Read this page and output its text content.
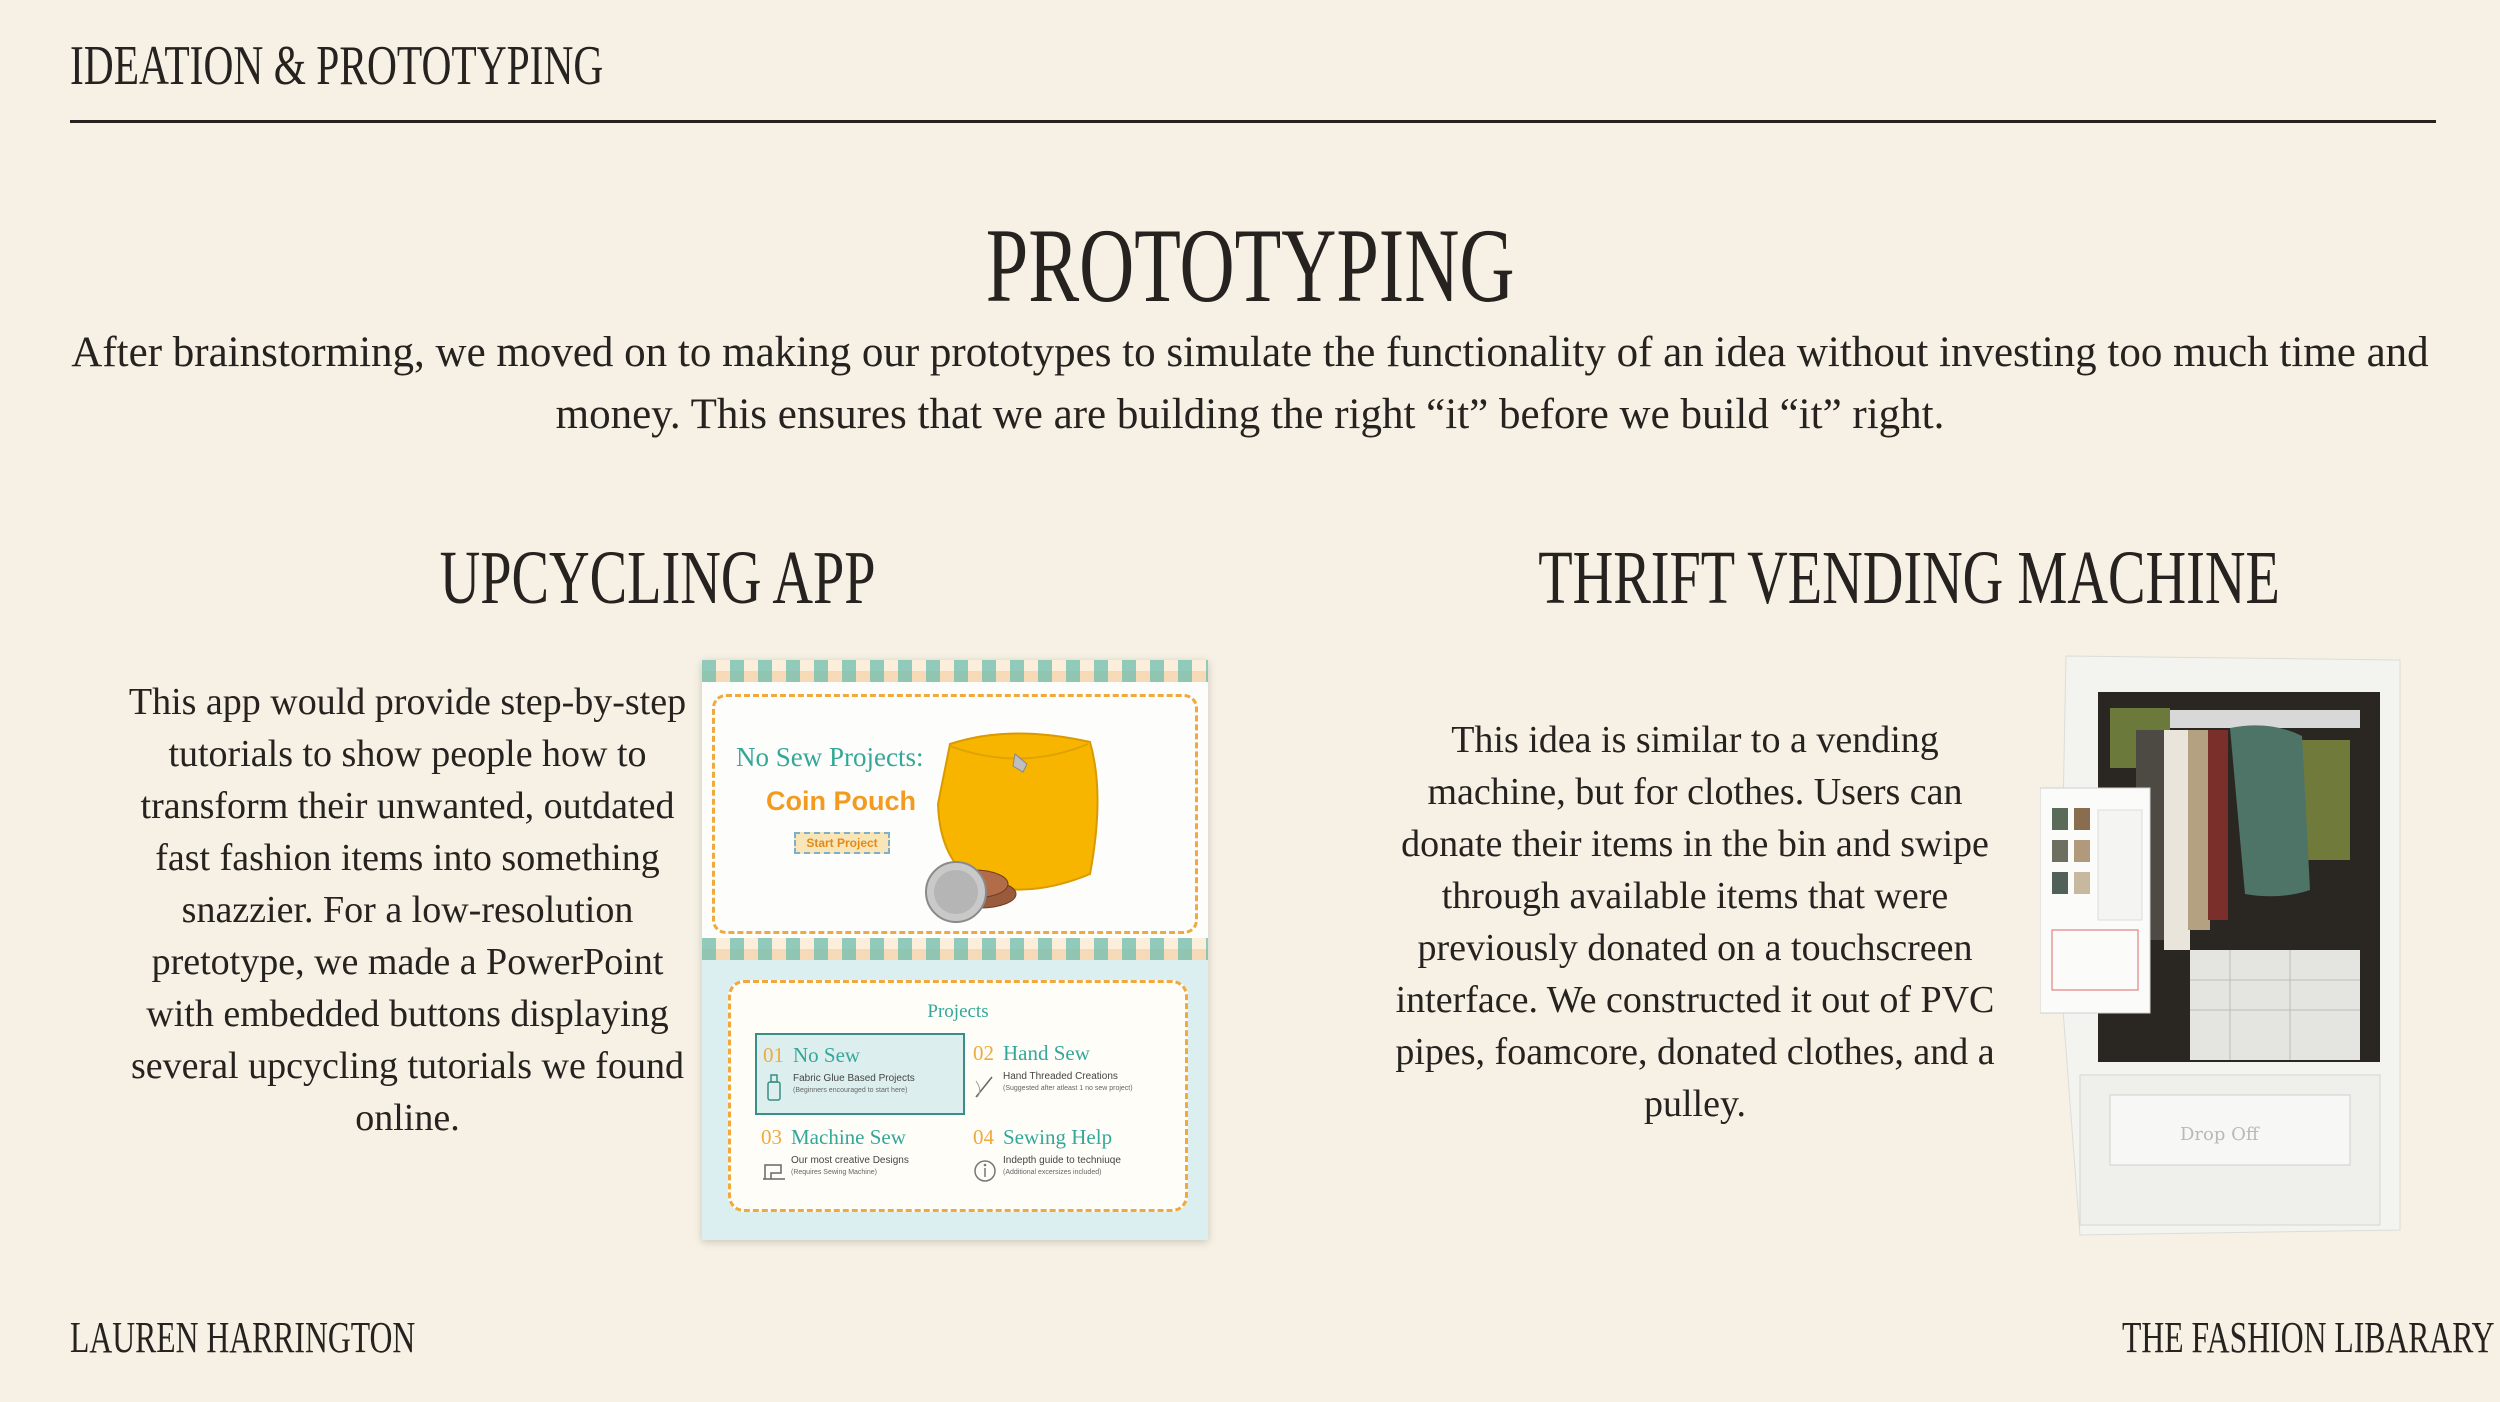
IDEATION & PROTOTYPING
PROTOTYPING
After brainstorming, we moved on to making our prototypes to simulate the functionality of an idea without investing too much time and money. This ensures that we are building the right “it” before we build “it” right.
UPCYCLING APP	THRIFT VENDING MACHINE
This app would provide step-by-step tutorials to show people how to transform their unwanted, outdated fast fashion items into something snazzier. For a low-resolution pretotype, we made a PowerPoint with embedded buttons displaying several upcycling tutorials we found online.
This idea is similar to a vending machine, but for clothes. Users can donate their items in the bin and swipe through available items that were previously donated on a touchscreen interface. We constructed it out of PVC pipes, foamcore, donated clothes, and a pulley.
No Sew Projects:
Coin Pouch
Start Project
Projects
01 No Sew
Fabric Glue Based Projects
(Beginners encouraged to start here)
02 Hand Sew
Hand Threaded Creations
(Suggested after atleast 1 no sew project)
03 Machine Sew
Our most creative Designs
(Requires Sewing Machine)
04 Sewing Help
Indepth guide to techniuqe
(Additional excersizes included)
Drop Off
LAUREN HARRINGTON	THE FASHION LIBARARY
